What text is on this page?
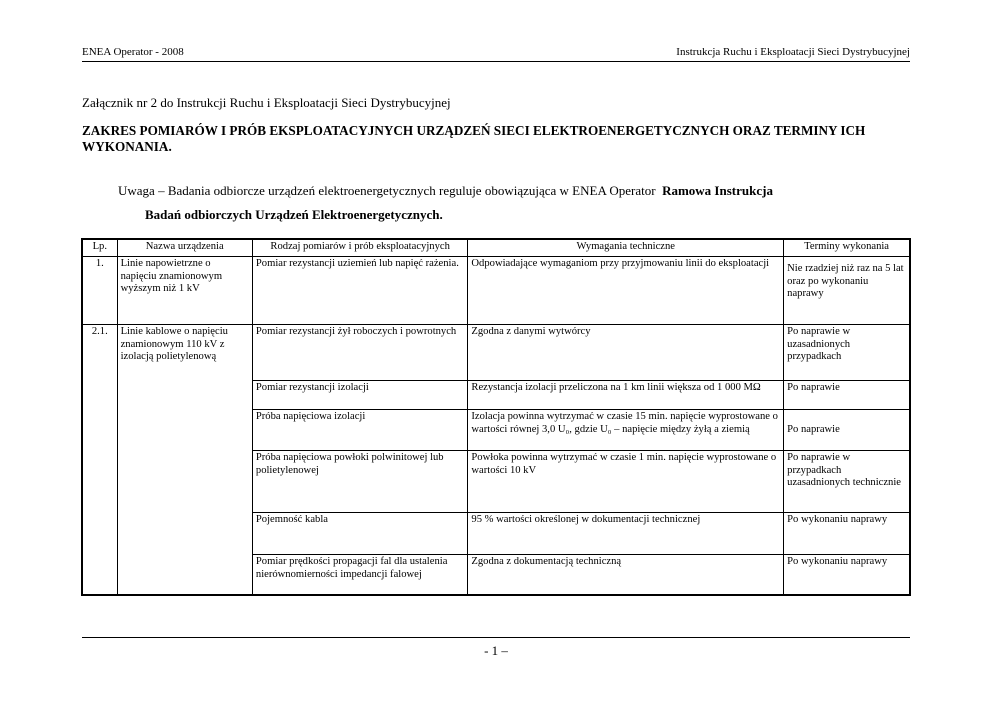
ENEA Operator - 2008	Instrukcja Ruchu i Eksploatacji Sieci Dystrybucyjnej
Załącznik nr 2 do Instrukcji Ruchu i Eksploatacji Sieci Dystrybucyjnej
ZAKRES POMIARÓW I PRÓB EKSPLOATACYJNYCH URZĄDZEŃ SIECI ELEKTROENERGETYCZNYCH ORAZ TERMINY ICH WYKONANIA.
Uwaga – Badania odbiorcze urządzeń elektroenergetycznych reguluje obowiązująca w ENEA Operator Ramowa Instrukcja
Badań odbiorczych Urządzeń Elektroenergetycznych.
Lp.	Nazwa urządzenia	Rodzaj pomiarów i prób eksploatacyjnych	Wymagania techniczne	Terminy wykonania
1.	Linie napowietrzne o napięciu znamionowym wyższym niż 1 kV	Pomiar rezystancji uziemień lub napięć rażenia.	Odpowiadające wymaganiom przy przyjmowaniu linii do eksploatacji	Nie rzadziej niż raz na 5 lat oraz po wykonaniu naprawy
2.1.	Linie kablowe o napięciu znamionowym 110 kV z izolacją polietylenową	Pomiar rezystancji żył roboczych i powrotnych	Zgodna z danymi wytwórcy	Po naprawie w uzasadnionych przypadkach
		Pomiar rezystancji izolacji	Rezystancja izolacji przeliczona na 1 km linii większa od 1 000 MΩ	Po naprawie
		Próba napięciowa izolacji	Izolacja powinna wytrzymać w czasie 15 min. napięcie wyprostowane o wartości równej 3,0 U₀, gdzie U₀ – napięcie między żyłą a ziemią	Po naprawie
		Próba napięciowa powłoki polwinitowej lub polietylenowej	Powłoka powinna wytrzymać w czasie 1 min. napięcie wyprostowane o wartości 10 kV	Po naprawie w przypadkach uzasadnionych technicznie
		Pojemność kabla	95 % wartości określonej w dokumentacji technicznej	Po wykonaniu naprawy
		Pomiar prędkości propagacji fal dla ustalenia nierównomierności impedancji falowej	Zgodna z dokumentacją techniczną	Po wykonaniu naprawy
- 1 –
